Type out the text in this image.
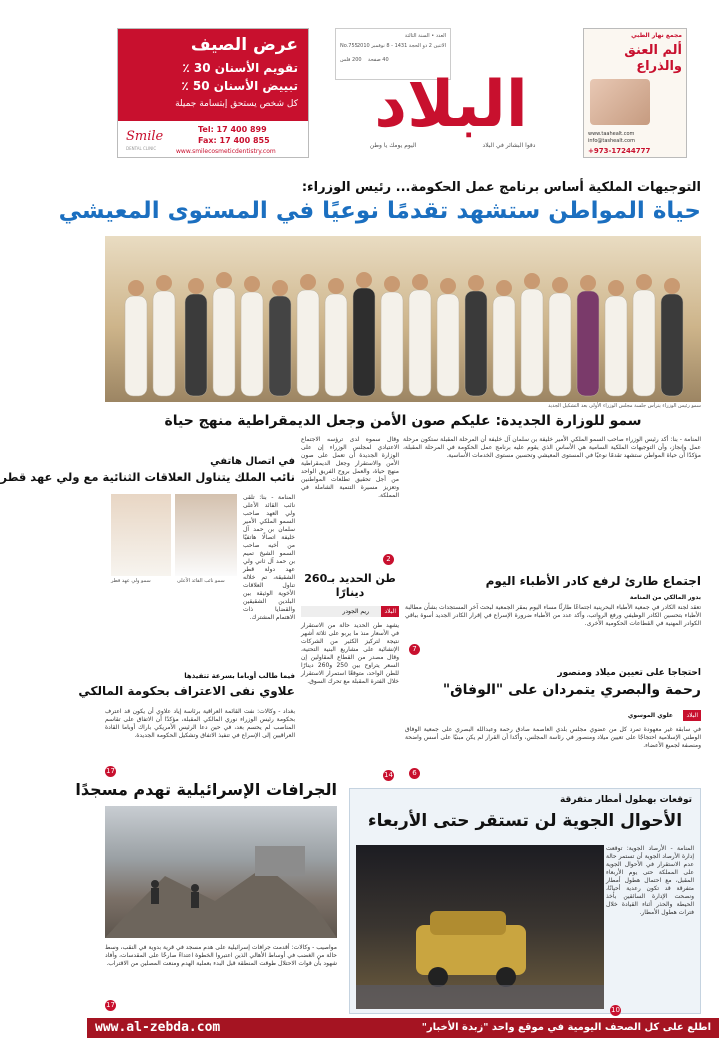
عرض الصيف
تقويم الأسنان 30 ٪
تبييض الأسنان 50 ٪
كل شخص يستحق إبتسامة جميلة
Smile
DENTAL CLINIC
Tel: 17 400 899
Fax: 17 400 855
www.smilecosmeticdentistry.com
العدد • السنة الثالثة
الاثنين 2 ذو الحجة 1431 - 8 نوفمبر 2010
No.755
40 صفحة
200 فلس
البلاد
اليوم يومك يا وطن	دقوا البشائر في البلاد
مجمع نهار الطبي
ألم العنق والذراع
www.taahealt.com
info@tashealt.com
+973-17244777
التوجيهات الملكية أساس برنامج عمل الحكومة... رئيس الوزراء:
حياة المواطن ستشهد تقدمًا نوعيًا في المستوى المعيشي
سمو رئيس الوزراء يترأس جلسة مجلس الوزراء الأولى بعد التشكيل الجديد
سمو للوزارة الجديدة: عليكم صون الأمن وجعل الديمقراطية منهج حياة
المنامة - بنا: أكد رئيس الوزراء صاحب السمو الملكي الأمير خليفة بن سلمان آل خليفة أن المرحلة المقبلة ستكون مرحلة عمل وإنجاز، وأن التوجيهات الملكية السامية هي الأساس الذي يقوم عليه برنامج عمل الحكومة في المرحلة المقبلة، مؤكدًا أن حياة المواطن ستشهد تقدمًا نوعيًا في المستوى المعيشي وتحسين مستوى الخدمات الأساسية.
وقال سموه لدى ترؤسه الاجتماع الاعتيادي لمجلس الوزراء إن على الوزارة الجديدة أن تعمل على صون الأمن والاستقرار وجعل الديمقراطية منهج حياة، والعمل بروح الفريق الواحد من أجل تحقيق تطلعات المواطنين وتعزيز مسيرة التنمية الشاملة في المملكة.
2
في اتصال هاتفي
نائب الملك يتناول العلاقات الثنائية مع ولي عهد قطر
سمو ولي عهد قطر	سمو نائب القائد الأعلى
المنامة - بنا: تلقى نائب القائد الأعلى ولي العهد صاحب السمو الملكي الأمير سلمان بن حمد آل خليفة اتصالًا هاتفيًا من أخيه صاحب السمو الشيخ تميم بن حمد آل ثاني ولي عهد دولة قطر الشقيقة، تم خلاله تناول العلاقات الأخوية الوثيقة بين البلدين الشقيقين والقضايا ذات الاهتمام المشترك.
طن الحديد بـ260 دينارًا
البلاد
ريم الجودر
يشهد طن الحديد حالة من الاستقرار في الأسعار منذ ما يربو على ثلاثة أشهر نتيجة لتركيز الكثير من الشركات الإنشائية على مشاريع البنية التحتية، وقال مصدر من القطاع المقاولين إن السعر يتراوح بين 250 و260 دينارًا للطن الواحد، متوقعًا استمرار الاستقرار خلال الفترة المقبلة مع تحرك السوق.
14
اجتماع طارئ لرفع كادر الأطباء اليوم
بدور المالكي من المنامة
تعقد لجنة الكادر في جمعية الأطباء البحرينية اجتماعًا طارئًا مساء اليوم بمقر الجمعية لبحث آخر المستجدات بشأن مطالبة الأطباء بتحسين الكادر الوظيفي ورفع الرواتب، وأكد عدد من الأطباء ضرورة الإسراع في إقرار الكادر الجديد أسوة بباقي الكوادر المهنية في القطاعات الحكومية الأخرى.
7
احتجاجا على تعيين ميلاد ومنصور
رحمة والبصري يتمردان على "الوفاق"
البلاد
علوي الموسوي
في سابقة غير معهودة تمرد كل من عضوي مجلس بلدي العاصمة صادق رحمة وعبدالله البصري على جمعية الوفاق الوطني الإسلامية احتجاجًا على تعيين ميلاد ومنصور في رئاسة المجلس، وأكدا أن القرار لم يكن مبنيًا على أسس واضحة ومنصفة لجميع الأعضاء.
6
فيما طالب أوباما بسرعة تنفيذها
علاوي نفى الاعتراف بحكومة المالكي
بغداد - وكالات: نفت القائمة العراقية برئاسة إياد علاوي أن يكون قد اعترف بحكومة رئيس الوزراء نوري المالكي المقبلة، مؤكدًا أن الاتفاق على تقاسم المناصب لم يحسم بعد، في حين دعا الرئيس الأمريكي باراك أوباما القادة العراقيين إلى الإسراع في تنفيذ الاتفاق وتشكيل الحكومة الجديدة.
17
الجرافات الإسرائيلية تهدم مسجدًا
مواصيب - وكالات: أقدمت جرافات إسرائيلية على هدم مسجد في قرية بدوية في النقب، وسط حالة من الغضب في أوساط الأهالي الذين اعتبروا الخطوة اعتداءً صارخًا على المقدسات، وأفاد شهود بأن قوات الاحتلال طوقت المنطقة قبل البدء بعملية الهدم ومنعت المصلين من الاقتراب.
17
توقعات بهطول أمطار متفرقة
الأحوال الجوية لن تستقر حتى الأربعاء
المنامة - الأرصاد الجوية: توقعت إدارة الأرصاد الجوية أن تستمر حالة عدم الاستقرار في الأحوال الجوية على المملكة حتى يوم الأربعاء المقبل، مع احتمال هطول أمطار متفرقة قد تكون رعدية أحيانًا، ونصحت الإدارة السائقين بأخذ الحيطة والحذر أثناء القيادة خلال فترات هطول الأمطار.
10
www.al-zebda.com	اطلع على كل الصحف اليومية في موقع واحد "زبدة الأخبار"
